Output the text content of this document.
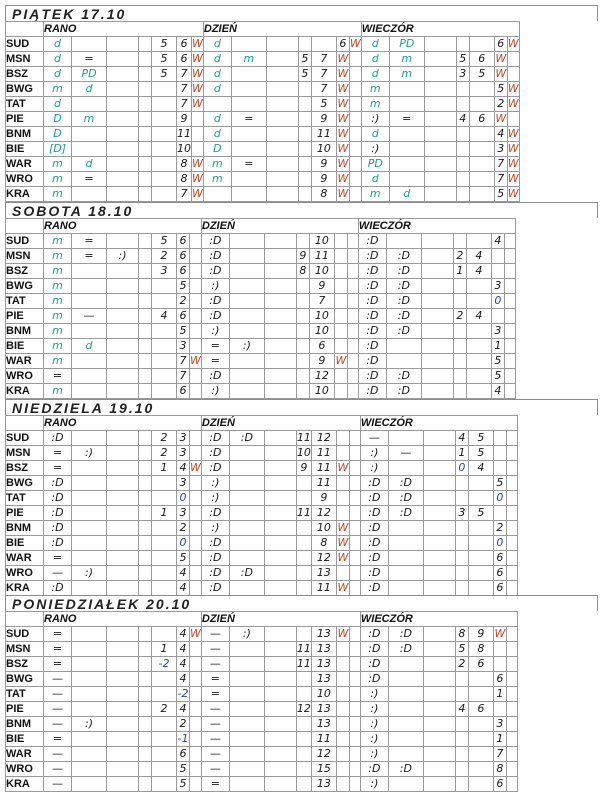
PIĄTEK 17.10
	RANO							DZIEŃ							WIECZÓR						
SUD	d				5	6	W	d					6	W	d	PD				6	W
MSN	d	=			5	6	W	d	m		5	7	W		d	m		5	6	W	
BSZ	d	PD			5	7	W	d			5	7	W		d	m		3	5	W	
BWG	m	d				7	W	d				7	W		m					5	W
TAT	d					7	W					5	W		m					2	W
PIE	D	m				9		d	=			9	W		:)	=		4	6	W	
BNM	D					11		d				11	W		d					4	W
BIE	[D]					10		D				10	W		:)					3	W
WAR	m	d				8	W	m	=			9	W		PD					7	W
WRO	m	=				8	W	m				9	W		d					7	W
KRA	m					7	W					8	W		m	d				5	W
SOBOTA 18.10
	RANO							DZIEŃ							WIECZÓR						
SUD	m	=			5	6		:D				10			:D					4	
MSN	m	=	:)		2	6		:D			9	11			:D	:D		2	4		
BSZ	m				3	6		:D			8	10			:D	:D		1	4		
BWG	m					5		:)				9			:D	:D				3	
TAT	m					2		:D				7			:D	:D				0	
PIE	m	—			4	6		:D				10			:D	:D		2	4		
BNM	m					5		:)				10			:D	:D				3	
BIE	m	d				3		=	:)			6			:D					1	
WAR	m					7	W	=				9	W		:D					5	
WRO	=					7		:D				12			:D	:D				5	
KRA	m					6		:)				10			:D	:D				4	
NIEDZIELA 19.10
	RANO							DZIEŃ							WIECZÓR						
SUD	:D				2	3		:D	:D		11	12			—			4	5		
MSN	=	:)			2	3		:D			10	11			:)	—		1	5		
BSZ	=				1	4	W	:D			9	11	W		:)			0	4		
BWG	:D					3		:)				11			:D	:D				5	
TAT	:D					0		:)				9			:D	:D				0	
PIE	:D				1	3		:D			11	12			:D	:D		3	5		
BNM	:D					2		:)				10	W		:D					2	
BIE	:D					0		:D				8	W		:D					0	
WAR	=					5		:D				12	W		:D					6	
WRO	—	:)				4		:D	:D			13			:D					6	
KRA	:D					4		:D				11	W		:D					6	
PONIEDZIAŁEK 20.10
	RANO							DZIEŃ							WIECZÓR						
SUD	=					4	W	—	:)			13	W		:D	:D		8	9	W	
MSN	=				1	4		—			11	13			:D	:D		5	8		
BSZ	=				-2	4		—			11	13			:D			2	6		
BWG	—					4		=				13			:D					6	
TAT	—					-2		=				10			:)					1	
PIE	—				2	4		—			12	13			:)			4	6		
BNM	—	:)				2		—				13			:)					3	
BIE	=					-1		—				11			:)					1	
WAR	—					6		—				12			:)					7	
WRO	—					5		—				15			:D	:D				8	
KRA	—					5		=				13			:)					6	
